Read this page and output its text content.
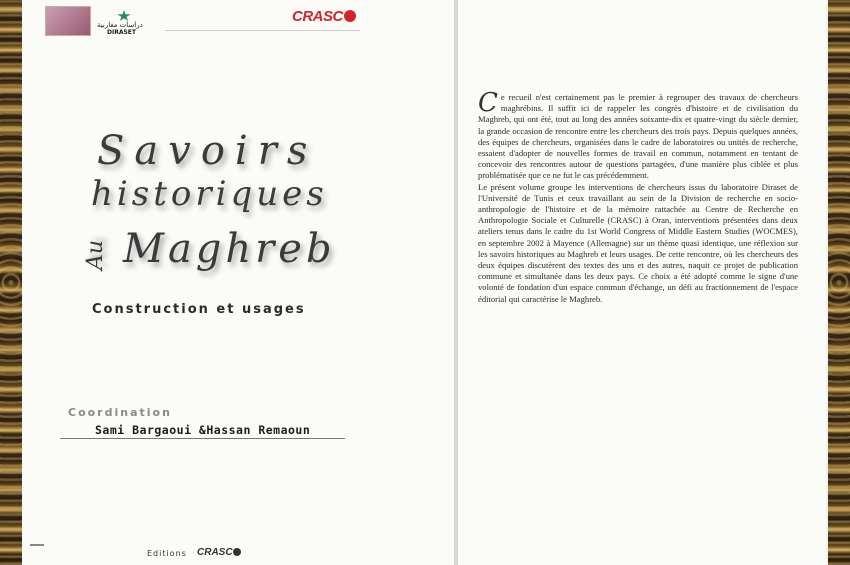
دراسات مغاربية
DIRASET
CRASC
Savoirs
historiques
Au Maghreb
Construction et usages
Coordination
Sami Bargaoui &Hassan Remaoun
Editions CRASC

Ce recueil n'est certainement pas le premier à regrouper des travaux de chercheurs maghrébins. Il suffit ici de rappeler les congrès d'histoire et de civilisation du Maghreb, qui ont été, tout au long des années soixante-dix et quatre-vingt du siècle dernier, la grande occasion de rencontre entre les chercheurs des trois pays. Depuis quelques années, des équipes de chercheurs, organisées dans le cadre de laboratoires ou unités de recherche, essaient d'adopter de nouvelles formes de travail en commun, notamment en tentant de concevoir des rencontres autour de questions partagées, d'une manière plus ciblée et plus problématisée que ce ne fut le cas précédemment.

Le présent volume groupe les interventions de chercheurs issus du laboratoire Diraset de l'Université de Tunis et ceux travaillant au sein de la Division de recherche en socio-anthropologie de l'histoire et de la mémoire rattachée au Centre de Recherche en Anthropologie Sociale et Culturelle (CRASC) à Oran, interventions présentées dans deux ateliers tenus dans le cadre du 1st World Congress of Middle Eastern Studies (WOCMES), en septembre 2002 à Mayence (Allemagne) sur un thème quasi identique, une réflexion sur les savoirs historiques au Maghreb et leurs usages. De cette rencontre, où les chercheurs des deux équipes discutèrent des textes des uns et des autres, naquit ce projet de publication commune et simultanée dans les deux pays. Ce choix a été adopté comme le signe d'une volonté de fondation d'un espace commun d'échange, un défi au fractionnement de l'espace éditorial qui caractérise le Maghreb.
